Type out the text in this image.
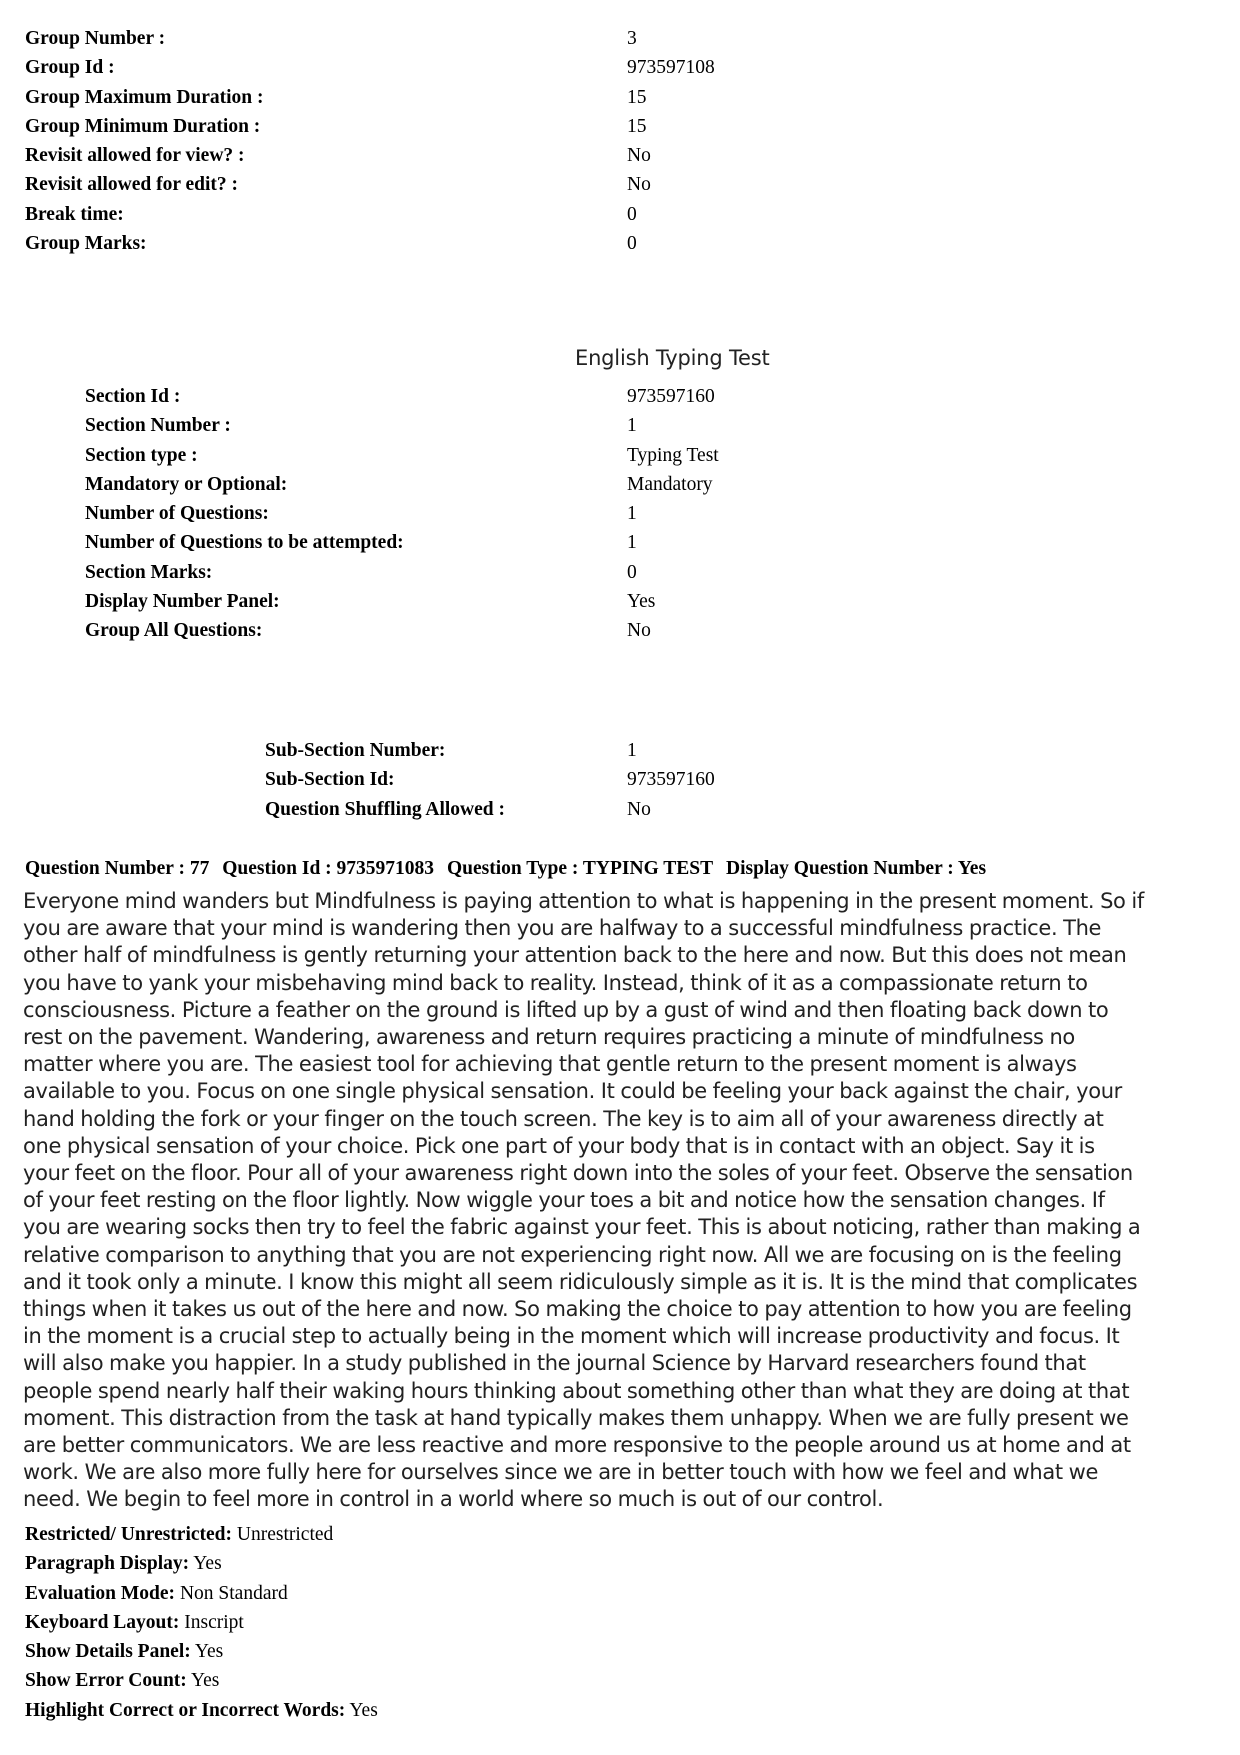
Group Number :	3
Group Id :	973597108
Group Maximum Duration :	15
Group Minimum Duration :	15
Revisit allowed for view? :	No
Revisit allowed for edit? :	No
Break time:	0
Group Marks:	0
English Typing Test
Section Id :	973597160
Section Number :	1
Section type :	Typing Test
Mandatory or Optional:	Mandatory
Number of Questions:	1
Number of Questions to be attempted:	1
Section Marks:	0
Display Number Panel:	Yes
Group All Questions:	No
Sub-Section Number:	1
Sub-Section Id:	973597160
Question Shuffling Allowed :	No
Question Number : 77 Question Id : 9735971083 Question Type : TYPING TEST Display Question Number : Yes
Everyone mind wanders but Mindfulness is paying attention to what is happening in the present moment. So if
you are aware that your mind is wandering then you are halfway to a successful mindfulness practice. The
other half of mindfulness is gently returning your attention back to the here and now. But this does not mean
you have to yank your misbehaving mind back to reality. Instead, think of it as a compassionate return to
consciousness. Picture a feather on the ground is lifted up by a gust of wind and then floating back down to
rest on the pavement. Wandering, awareness and return requires practicing a minute of mindfulness no
matter where you are. The easiest tool for achieving that gentle return to the present moment is always
available to you. Focus on one single physical sensation. It could be feeling your back against the chair, your
hand holding the fork or your finger on the touch screen. The key is to aim all of your awareness directly at
one physical sensation of your choice. Pick one part of your body that is in contact with an object. Say it is
your feet on the floor. Pour all of your awareness right down into the soles of your feet. Observe the sensation
of your feet resting on the floor lightly. Now wiggle your toes a bit and notice how the sensation changes. If
you are wearing socks then try to feel the fabric against your feet. This is about noticing, rather than making a
relative comparison to anything that you are not experiencing right now. All we are focusing on is the feeling
and it took only a minute. I know this might all seem ridiculously simple as it is. It is the mind that complicates
things when it takes us out of the here and now. So making the choice to pay attention to how you are feeling
in the moment is a crucial step to actually being in the moment which will increase productivity and focus. It
will also make you happier. In a study published in the journal Science by Harvard researchers found that
people spend nearly half their waking hours thinking about something other than what they are doing at that
moment. This distraction from the task at hand typically makes them unhappy. When we are fully present we
are better communicators. We are less reactive and more responsive to the people around us at home and at
work. We are also more fully here for ourselves since we are in better touch with how we feel and what we
need. We begin to feel more in control in a world where so much is out of our control.
Restricted/ Unrestricted: Unrestricted
Paragraph Display: Yes
Evaluation Mode: Non Standard
Keyboard Layout: Inscript
Show Details Panel: Yes
Show Error Count: Yes
Highlight Correct or Incorrect Words: Yes
